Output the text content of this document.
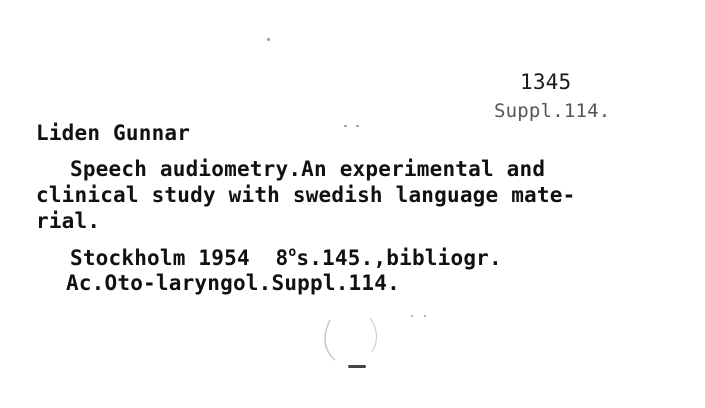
1345
Suppl.114.
Liden Gunnar
Speech audiometry.An experimental and
clinical study with swedish language mate-
rial.
Stockholm 1954 8$^o$s.145.,bibliogr.
Ac.Oto-laryngol.Suppl.114.
